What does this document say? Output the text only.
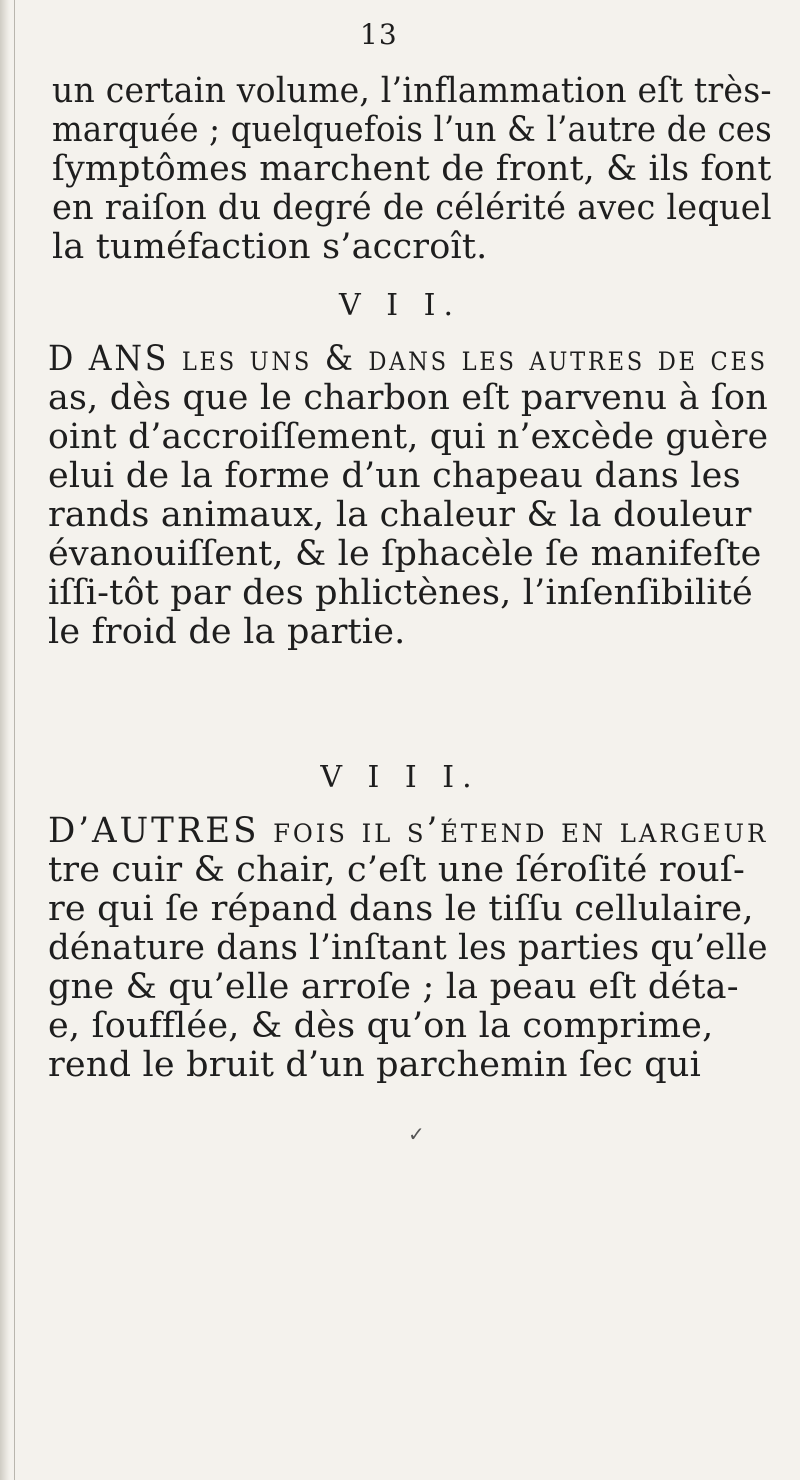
13
un certain volume, l’inflammation eſt très-
marquée ; quelquefois l’un & l’autre de ces
ſymptômes marchent de front, & ils font
en raiſon du degré de célérité avec lequel
la tuméfaction s’accroît.
V I I.
D ANS les uns & dans les autres de ces
as, dès que le charbon eſt parvenu à ſon
oint d’accroiſſement, qui n’excède guère
elui de la forme d’un chapeau dans les
rands animaux, la chaleur & la douleur
évanouiſſent, & le ſphacèle ſe manifeſte
iſſi-tôt par des phlictènes, l’inſenſibilité
le froid de la partie.
V I I I.
D’AUTRES fois il s’étend en largeur
tre cuir & chair, c’eſt une ſéroſité rouſ-
re qui ſe répand dans le tiſſu cellulaire,
dénature dans l’inſtant les parties qu’elle
gne & qu’elle arroſe ; la peau eſt déta-
e, ſoufflée, & dès qu’on la comprime,
rend le bruit d’un parchemin ſec qui
✓
